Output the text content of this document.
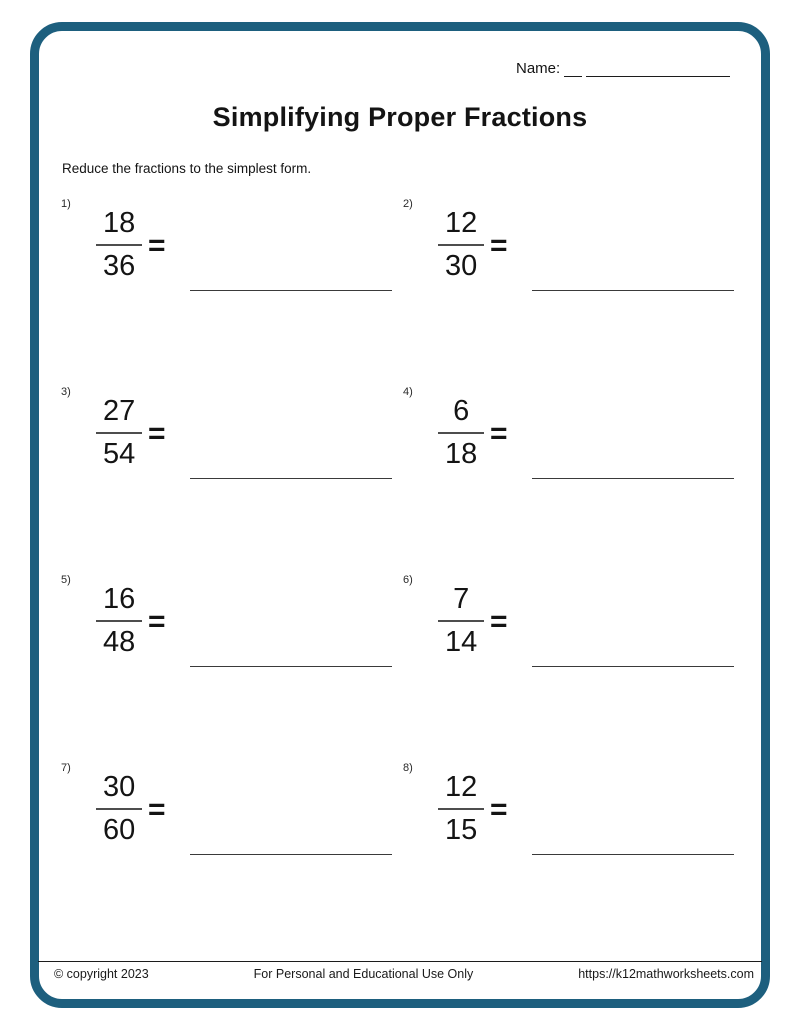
Name:
Simplifying Proper Fractions
Reduce the fractions to the simplest form.
1)
18
36
=
2)
12
30
=
3)
27
54
=
4)
6
18
=
5)
16
48
=
6)
7
14
=
7)
30
60
=
8)
12
15
=
© copyright 2023	For Personal and Educational Use Only	https://k12mathworksheets.com
